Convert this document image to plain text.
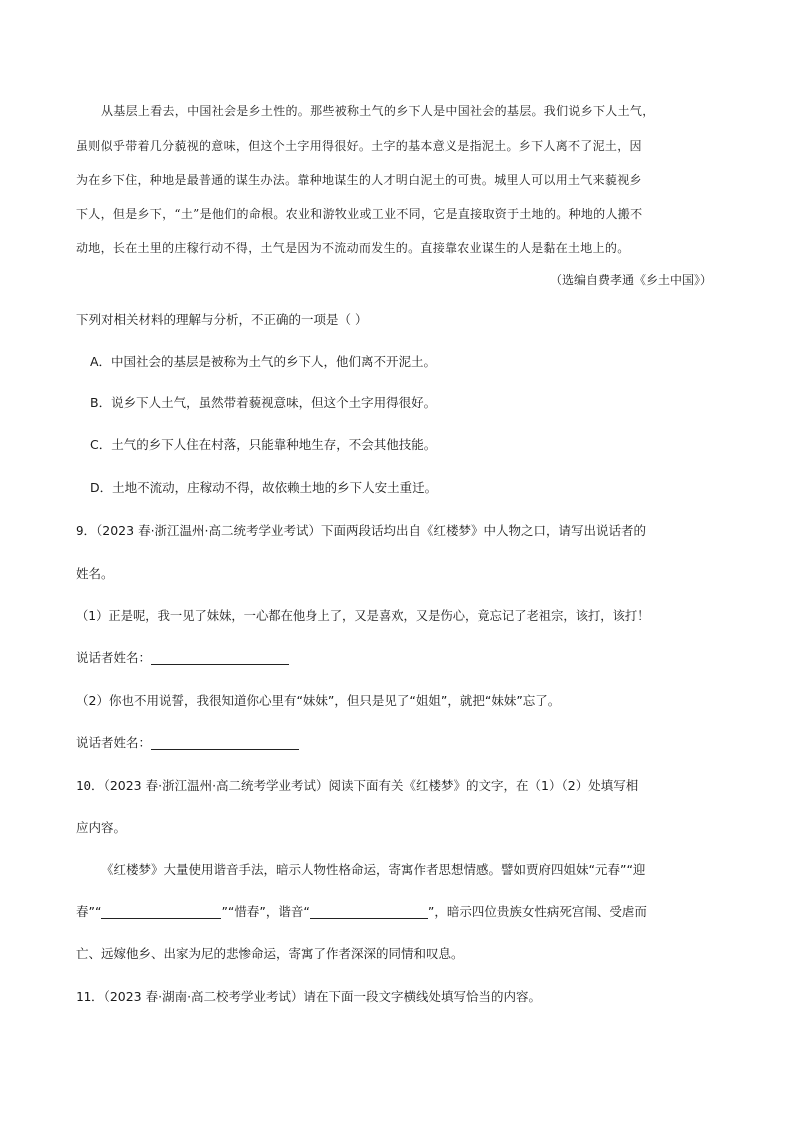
从基层上看去，中国社会是乡土性的。那些被称土气的乡下人是中国社会的基层。我们说乡下人土气，
虽则似乎带着几分藐视的意味，但这个土字用得很好。土字的基本意义是指泥土。乡下人离不了泥土，因
为在乡下住，种地是最普通的谋生办法。靠种地谋生的人才明白泥土的可贵。城里人可以用土气来藐视乡
下人，但是乡下，“土”是他们的命根。农业和游牧业或工业不同，它是直接取资于土地的。种地的人搬不
动地，长在土里的庄稼行动不得，土气是因为不流动而发生的。直接靠农业谋生的人是黏在土地上的。
（选编自费孝通《乡土中国》）
下列对相关材料的理解与分析，不正确的一项是（ ）
A．中国社会的基层是被称为土气的乡下人，他们离不开泥土。
B．说乡下人土气，虽然带着藐视意味，但这个土字用得很好。
C．土气的乡下人住在村落，只能靠种地生存，不会其他技能。
D．土地不流动，庄稼动不得，故依赖土地的乡下人安土重迁。
9．（2023 春·浙江温州·高二统考学业考试）下面两段话均出自《红楼梦》中人物之口，请写出说话者的
姓名。
（1）正是呢，我一见了妹妹，一心都在他身上了，又是喜欢，又是伤心，竟忘记了老祖宗，该打，该打！
说话者姓名：
（2）你也不用说誓，我很知道你心里有“妹妹”，但只是见了“姐姐”，就把“妹妹”忘了。
说话者姓名：
10．（2023 春·浙江温州·高二统考学业考试）阅读下面有关《红楼梦》的文字，在（1）（2）处填写相
应内容。
《红楼梦》大量使用谐音手法，暗示人物性格命运，寄寓作者思想情感。譬如贾府四姐妹“元春”“迎
春”“	”“惜春”，谐音“	”，暗示四位贵族女性病死宫闱、受虐而
亡、远嫁他乡、出家为尼的悲惨命运，寄寓了作者深深的同情和叹息。
11．（2023 春·湖南·高二校考学业考试）请在下面一段文字横线处填写恰当的内容。
